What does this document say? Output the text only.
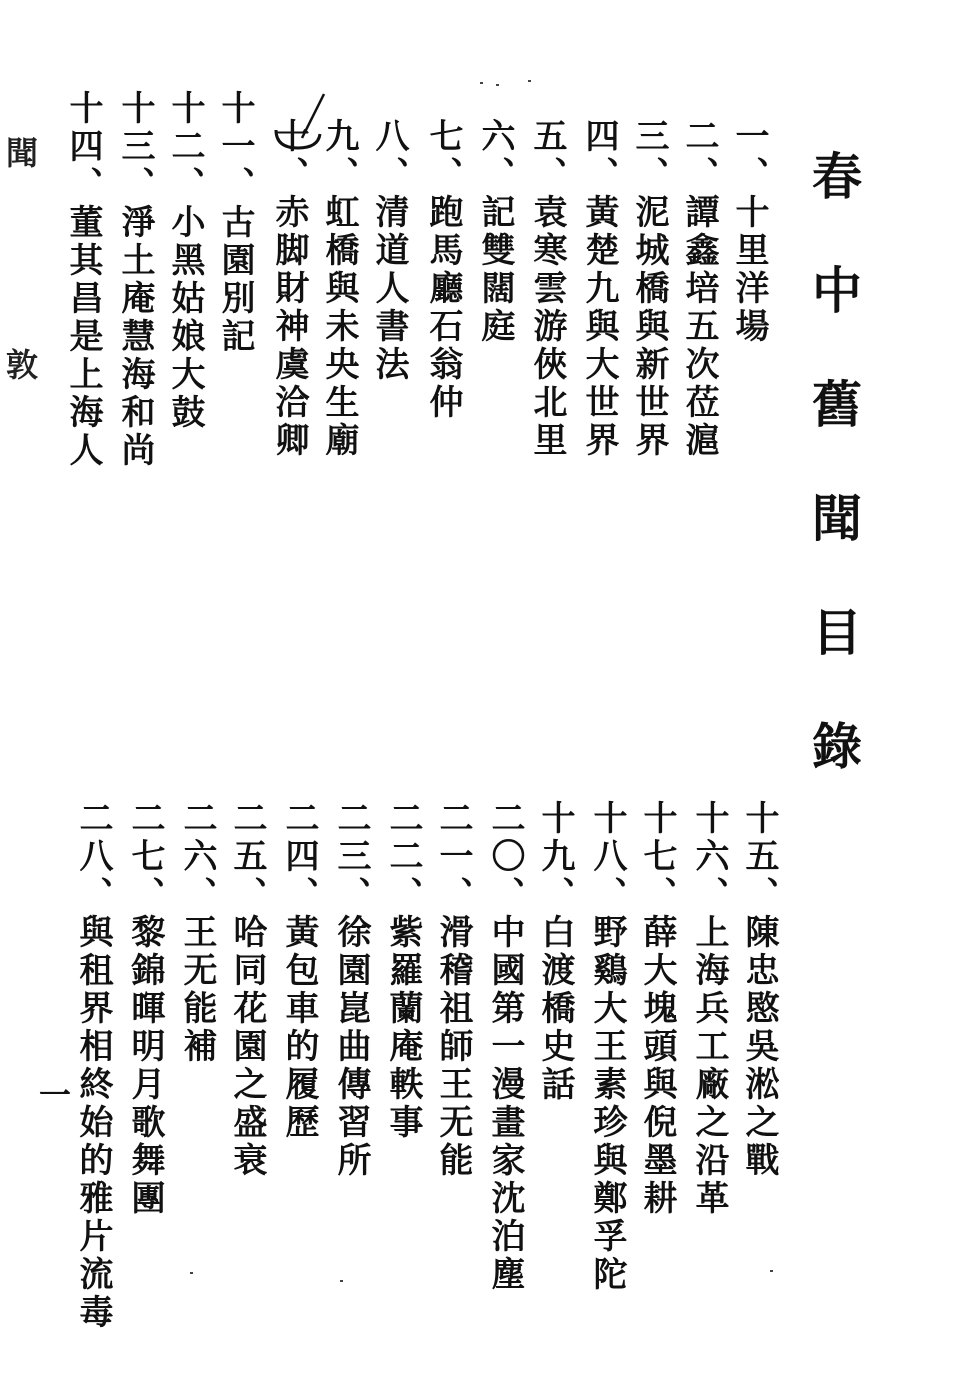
春中舊聞目錄
聞
敦
一、十里洋場
二、譚鑫培五次莅滬
三、泥城橋與新世界
四、黃楚九與大世界
五、袁寒雲游俠北里
六、記雙闊庭
七、跑馬廳石翁仲
八、清道人書法
九、虹橋與未央生廟
十、赤脚財神虞洽卿
十一、古園別記
十二、小黑姑娘大鼓
十三、淨土庵慧海和尚
十四、董其昌是上海人
十五、陳忠愍吳淞之戰
十六、上海兵工廠之沿革
十七、薛大塊頭與倪墨耕
十八、野鷄大王素珍與鄭孚陀
十九、白渡橋史話
二〇、中國第一漫畫家沈泊塵
二一、滑稽祖師王无能
二二、紫羅蘭庵軼事
二三、徐園崑曲傳習所
二四、黃包車的履歷
二五、哈同花園之盛衰
二六、王无能補
二七、黎錦暉明月歌舞團
二八、與租界相終始的雅片流毒
一
